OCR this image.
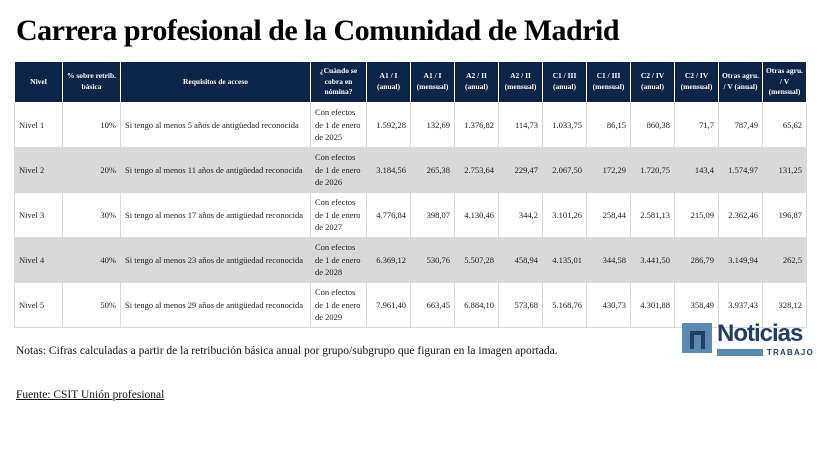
Carrera profesional de la Comunidad de Madrid
Nivel	% sobre retrib. básica	Requisitos de acceso	¿Cuándo se cobra en nómina?	A1 / I (anual)	A1 / I (mensual)	A2 / II (anual)	A2 / II (mensual)	C1 / III (anual)	C1 / III (mensual)	C2 / IV (anual)	C2 / IV (mensual)	Otras agru. / V (anual)	Otras agru. / V (mensual)
Nivel 1	10%	Si tengo al menos 5 años de antigüedad reconocida	Con efectos de 1 de enero de 2025	1.592,28	132,69	1.376,82	114,73	1.033,75	86,15	860,38	71,7	787,49	65,62
Nivel 2	20%	Si tengo al menos 11 años de antigüedad reconocida	Con efectos de 1 de enero de 2026	3.184,56	265,38	2.753,64	229,47	2.067,50	172,29	1.720,75	143,4	1.574,97	131,25
Nivel 3	30%	Si tengo al menos 17 años de antigüedad reconocida	Con efectos de 1 de enero de 2027	4.776,84	398,07	4.130,46	344,2	3.101,26	258,44	2.581,13	215,09	2.362,46	196,87
Nivel 4	40%	Si tengo al menos 23 años de antigüedad reconocida	Con efectos de 1 de enero de 2028	6.369,12	530,76	5.507,28	458,94	4.135,01	344,58	3.441,50	286,79	3.149,94	262,5
Nivel 5	50%	Si tengo al menos 29 años de antigüedad reconocida	Con efectos de 1 de enero de 2029	7.961,40	663,45	6.884,10	573,68	5.168,76	430,73	4.301,88	358,49	3.937,43	328,12

Notas: Cifras calculadas a partir de la retribución básica anual por grupo/subgrupo que figuran en la imagen aportada.

Fuente: CSIT Unión profesional

Noticias
TRABAJO
